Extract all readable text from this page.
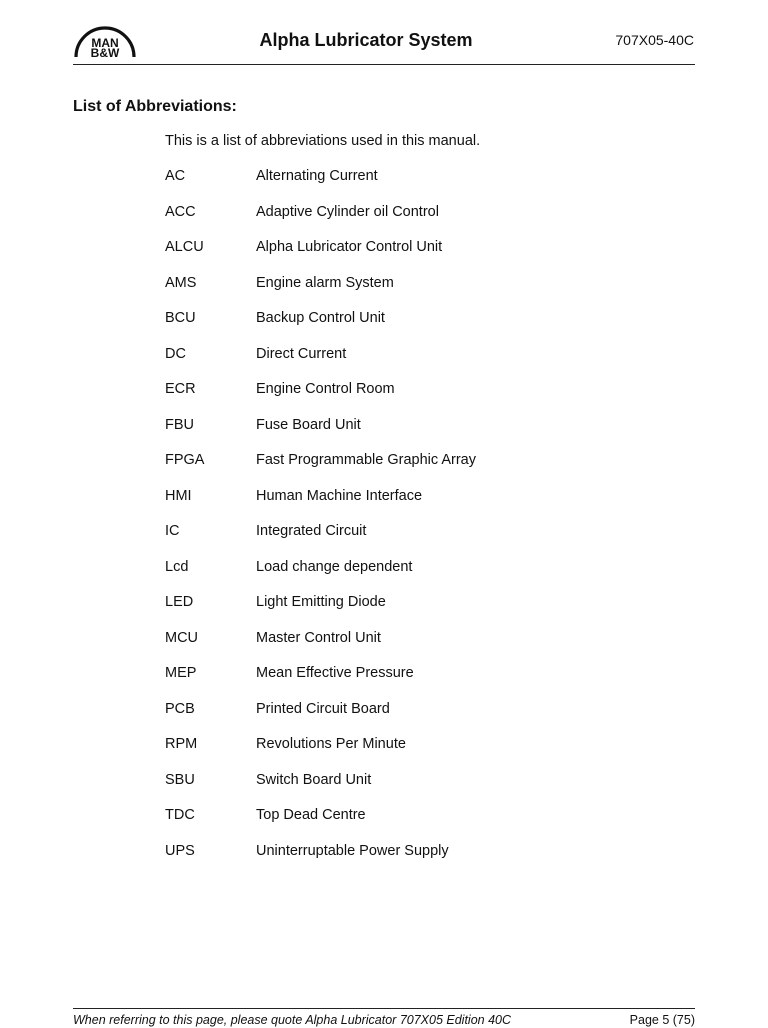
MAN
B&W
Alpha Lubricator System	707X05-40C
List of Abbreviations:
This is a list of abbreviations used in this manual.
AC	Alternating Current
ACC	Adaptive Cylinder oil Control
ALCU	Alpha Lubricator Control Unit
AMS	Engine alarm System
BCU	Backup Control Unit
DC	Direct Current
ECR	Engine Control Room
FBU	Fuse Board Unit
FPGA	Fast Programmable Graphic Array
HMI	Human Machine Interface
IC	Integrated Circuit
Lcd	Load change dependent
LED	Light Emitting Diode
MCU	Master Control Unit
MEP	Mean Effective Pressure
PCB	Printed Circuit Board
RPM	Revolutions Per Minute
SBU	Switch Board Unit
TDC	Top Dead Centre
UPS	Uninterruptable Power Supply
When referring to this page, please quote Alpha Lubricator 707X05 Edition 40C	Page 5 (75)
